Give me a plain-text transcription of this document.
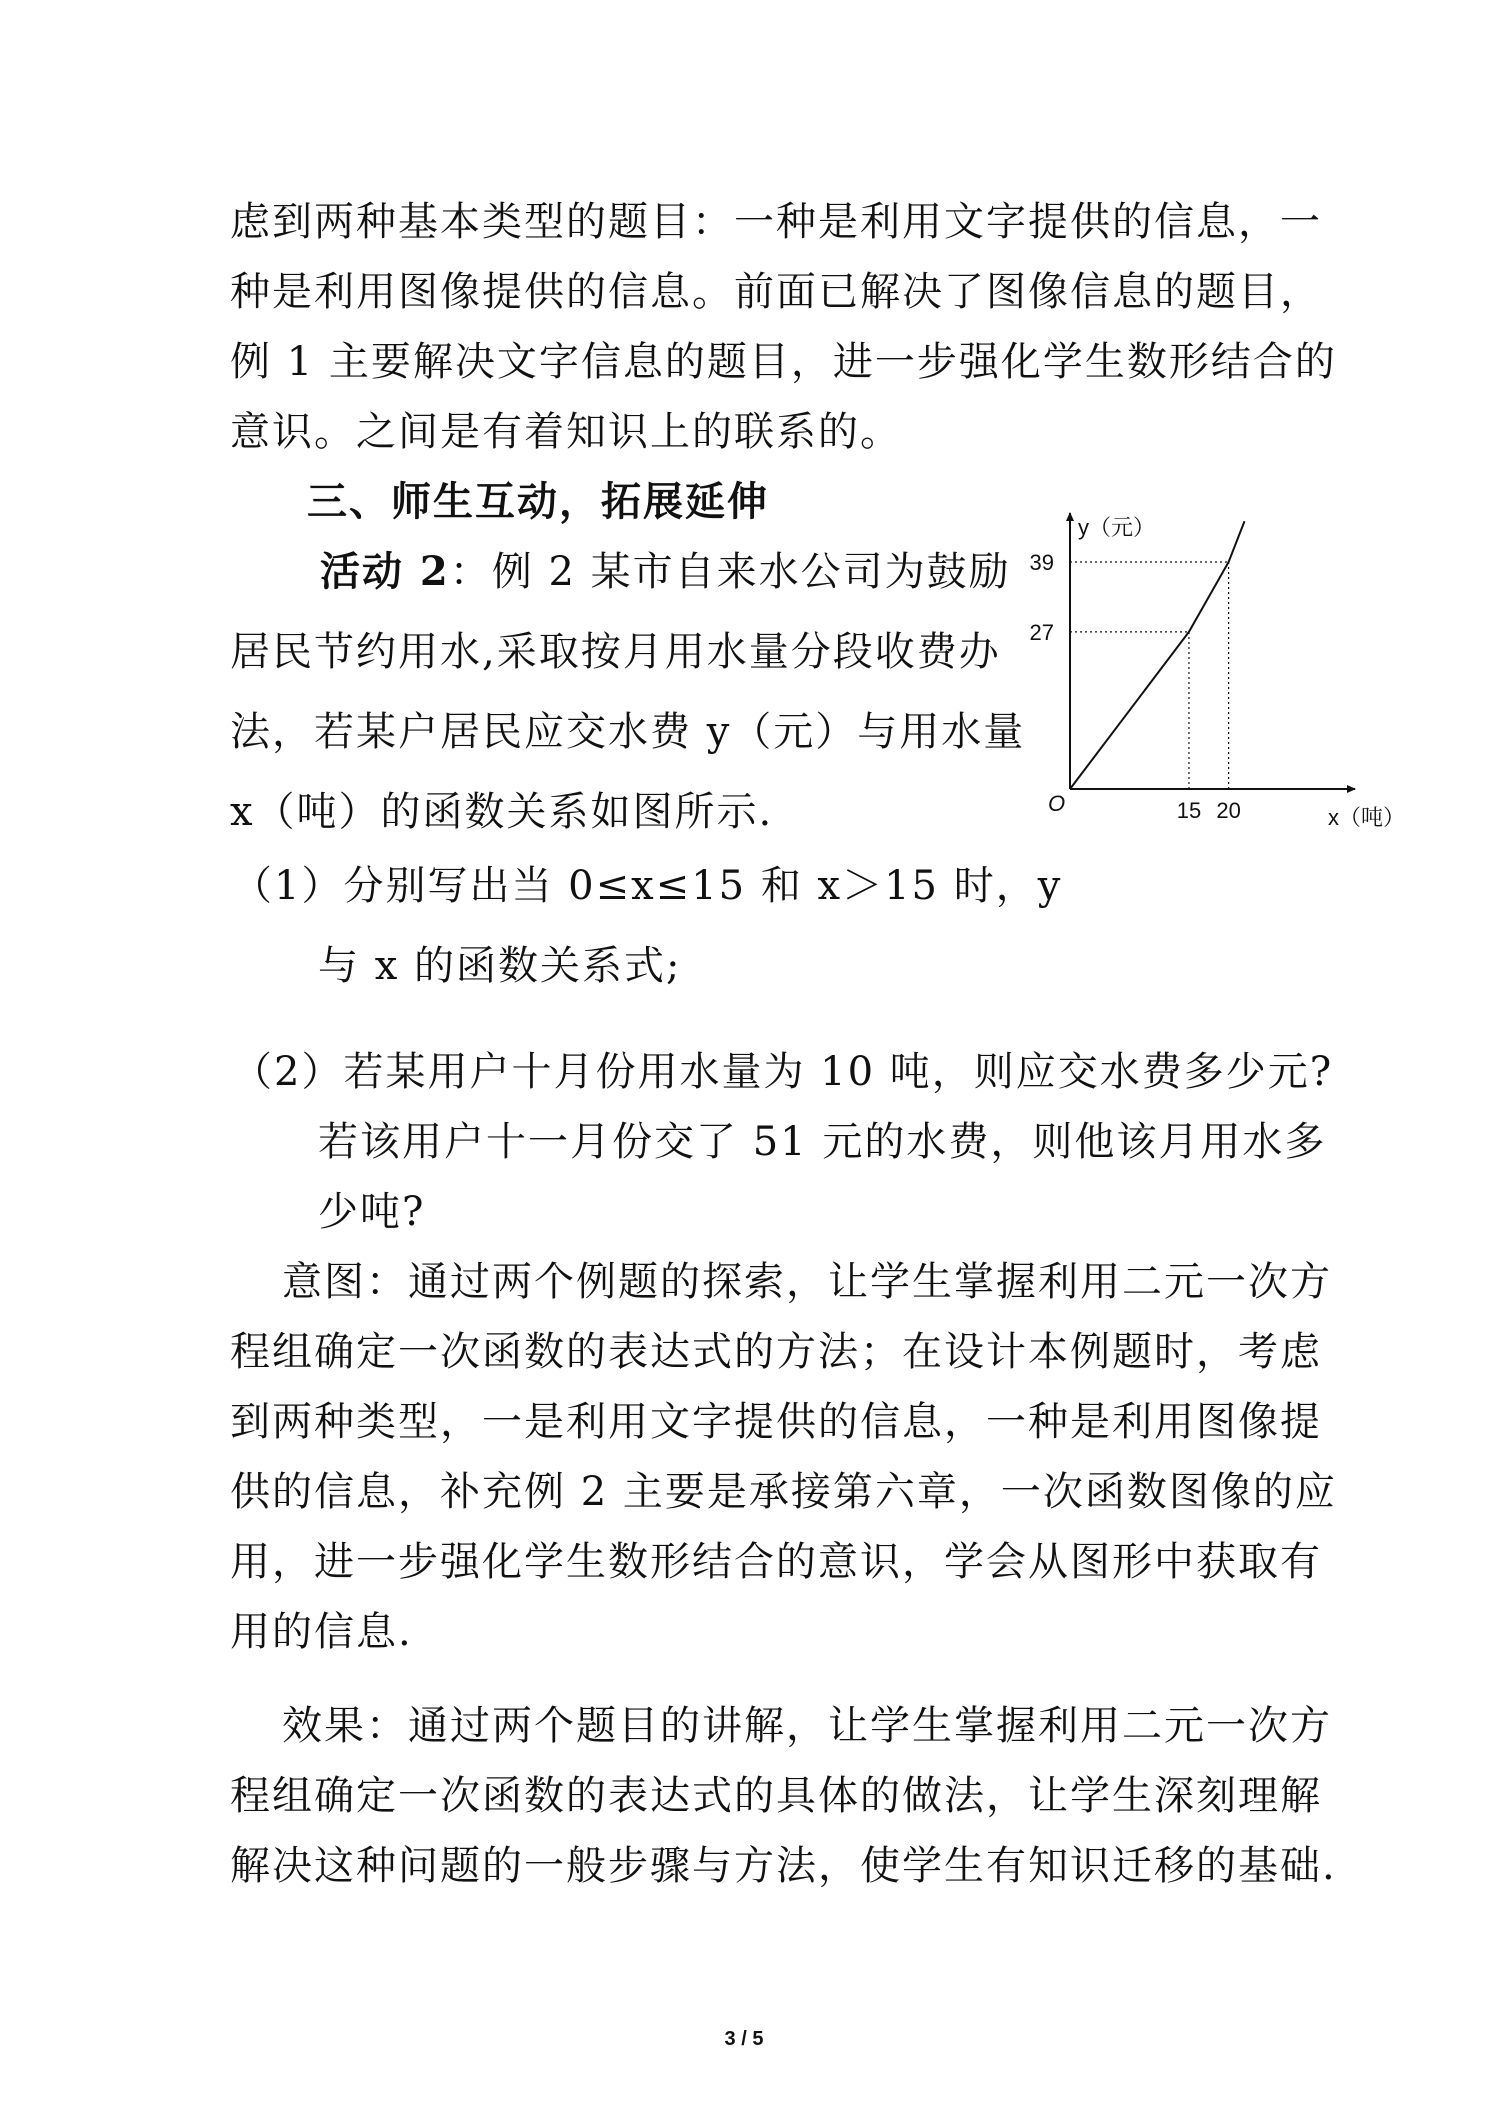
虑到两种基本类型的题目：一种是利用文字提供的信息，一
种是利用图像提供的信息。前面已解决了图像信息的题目，
例 1 主要解决文字信息的题目，进一步强化学生数形结合的
意识。之间是有着知识上的联系的。
三、师生互动，拓展延伸
活动 2：例 2 某市自来水公司为鼓励
居民节约用水,采取按月用水量分段收费办
法，若某户居民应交水费 y（元）与用水量
x（吨）的函数关系如图所示.
（1）分别写出当 0≤x≤15 和 x＞15 时，y
与 x 的函数关系式;
（2）若某用户十月份用水量为 10 吨，则应交水费多少元?
若该用户十一月份交了 51 元的水费，则他该月用水多
少吨?
意图：通过两个例题的探索，让学生掌握利用二元一次方
程组确定一次函数的表达式的方法；在设计本例题时，考虑
到两种类型，一是利用文字提供的信息，一种是利用图像提
供的信息，补充例 2 主要是承接第六章，一次函数图像的应
用，进一步强化学生数形结合的意识，学会从图形中获取有
用的信息.
效果：通过两个题目的讲解，让学生掌握利用二元一次方
程组确定一次函数的表达式的具体的做法，让学生深刻理解
解决这种问题的一般步骤与方法，使学生有知识迁移的基础.
y（元）
x（吨）
O	15 20
27
39
3 / 5
